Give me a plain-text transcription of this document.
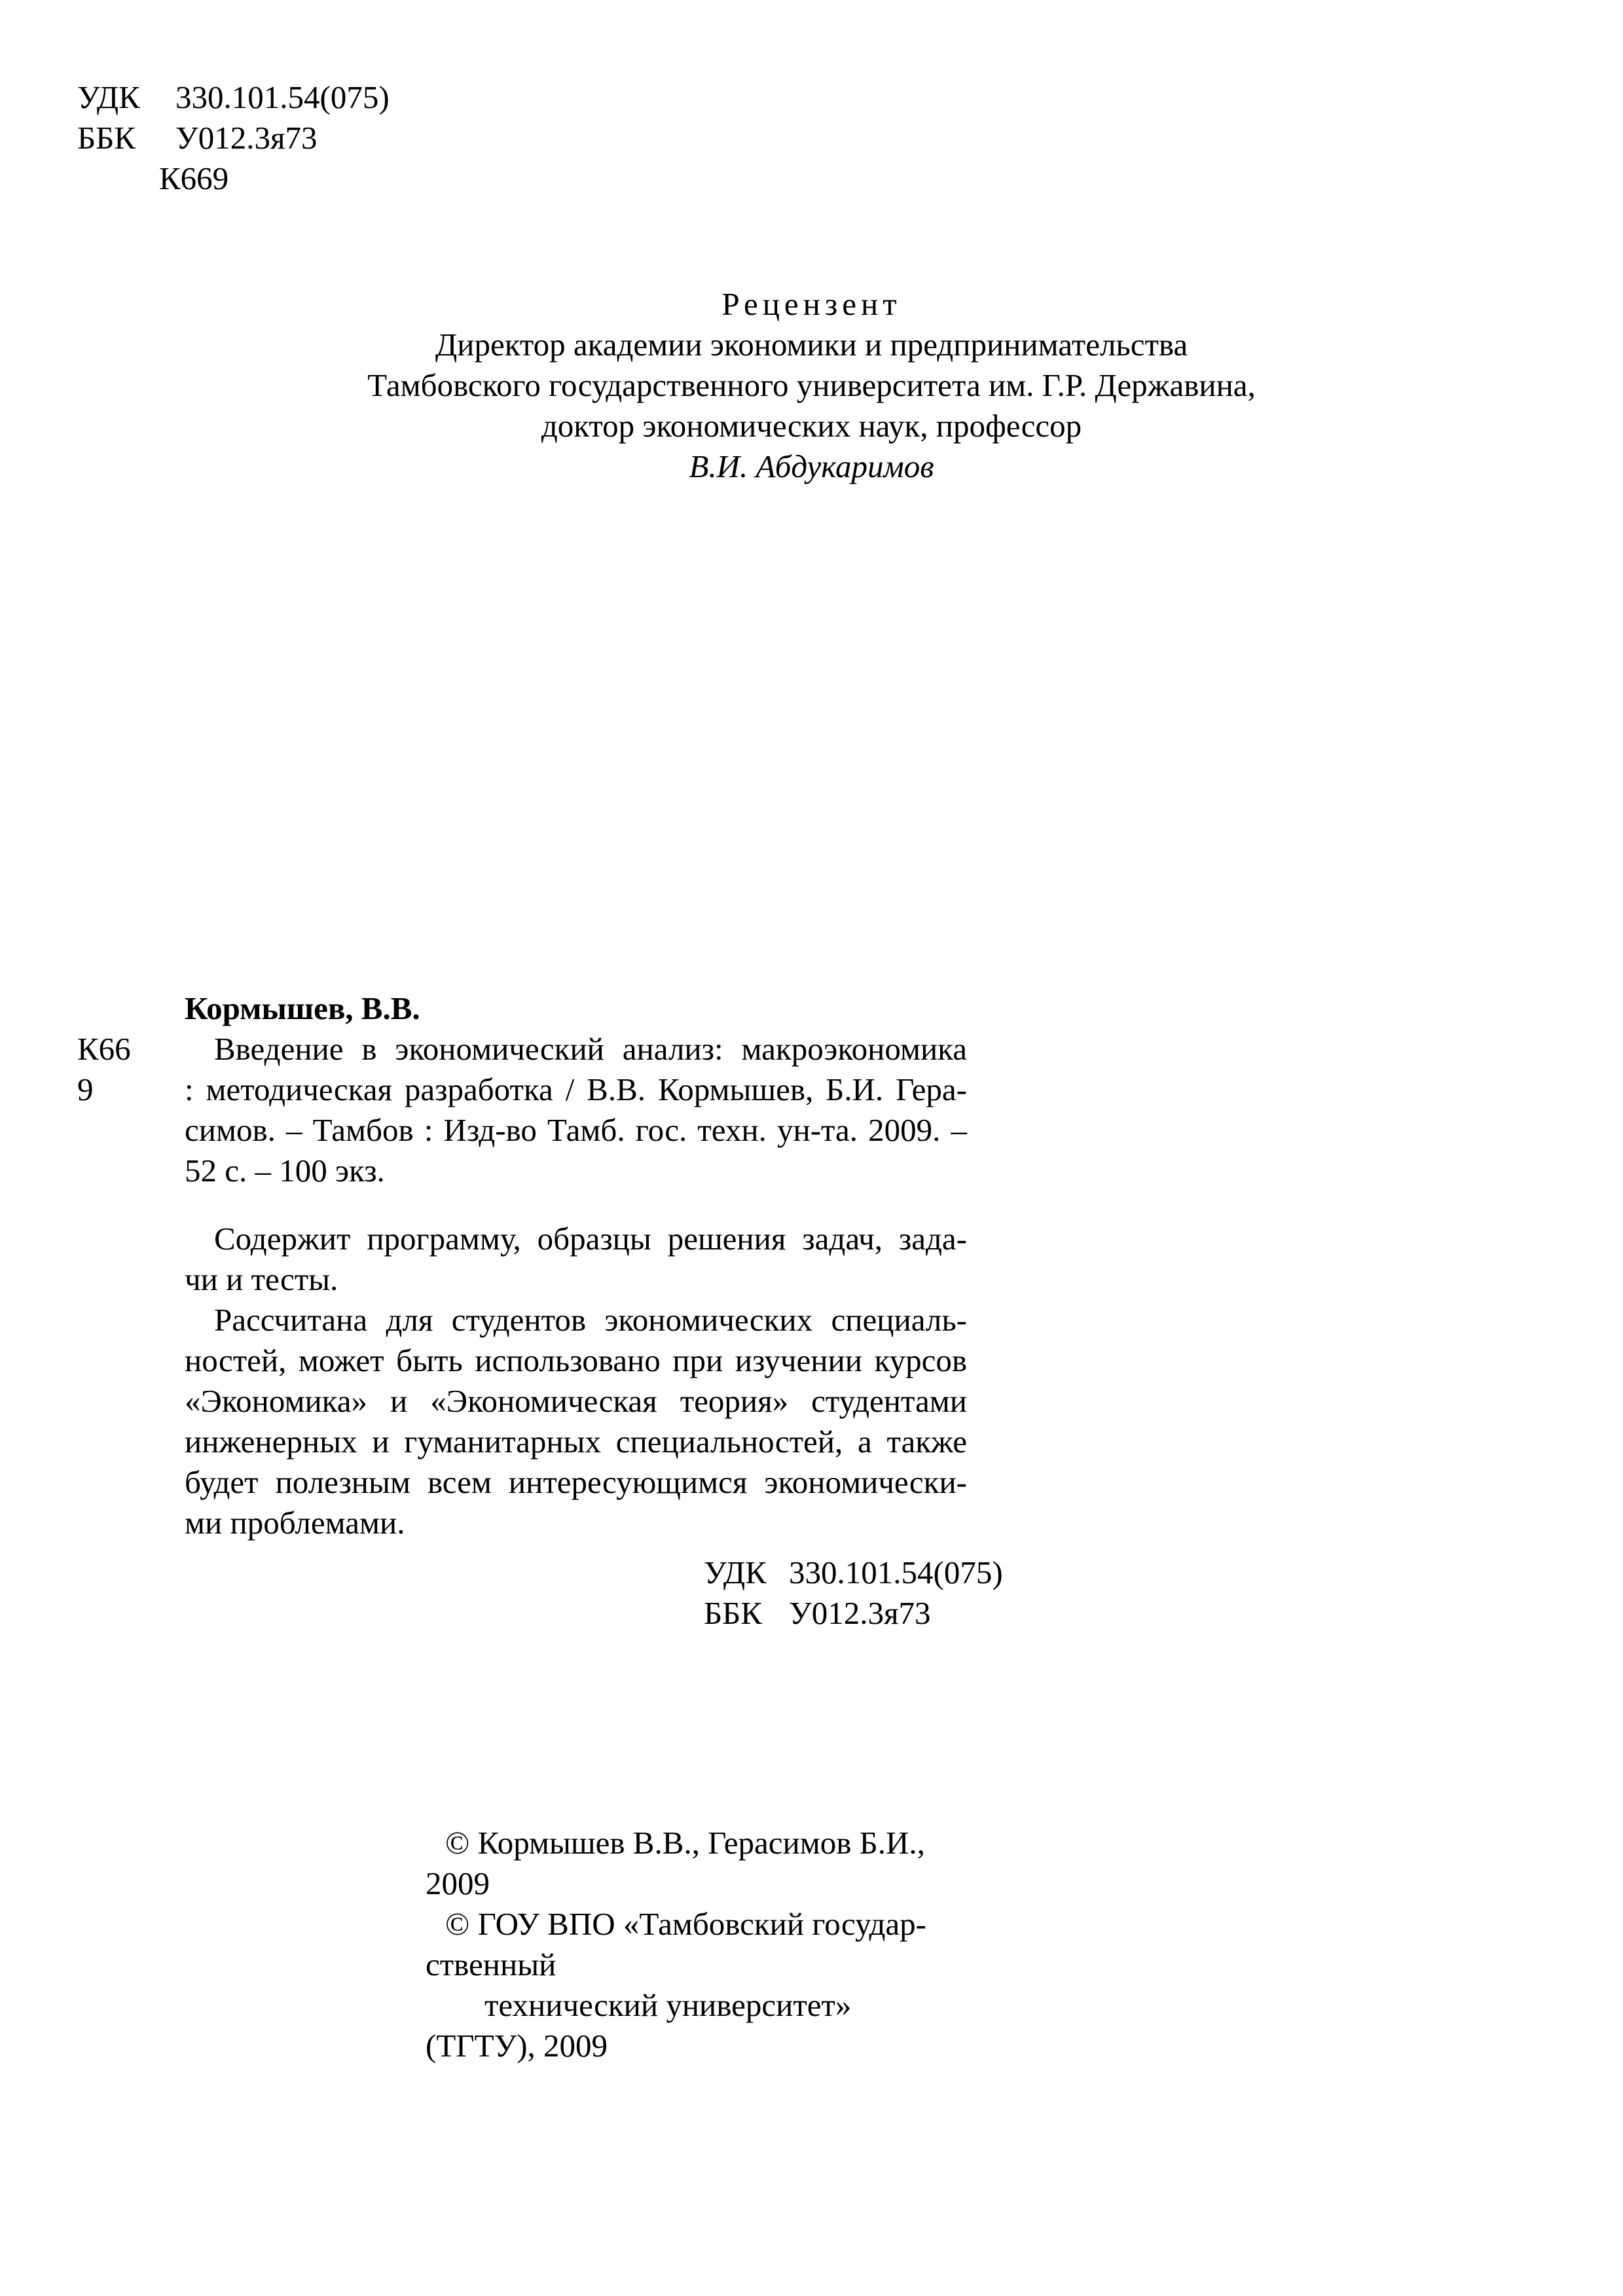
УДК	330.101.54(075)
ББК	У012.3я73
К669
Рецензент
Директор академии экономики и предпринимательства
Тамбовского государственного университета им. Г.Р. Державина,
доктор экономических наук, профессор
В.И. Абдукаримов
Кормышев, В.В.
К66
9
Введение в экономический анализ: макроэкономика
: методическая разработка / В.В. Кормышев, Б.И. Гера-
симов. – Тамбов : Изд-во Тамб. гос. техн. ун-та. 2009. –
52 с. – 100 экз.
Содержит программу, образцы решения задач, зада-
чи и тесты.
Рассчитана для студентов экономических специаль-
ностей, может быть использовано при изучении курсов
«Экономика» и «Экономическая теория» студентами
инженерных и гуманитарных специальностей, а также
будет полезным всем интересующимся экономически-
ми проблемами.
УДК 330.101.54(075)
ББК У012.3я73
© Кормышев В.В., Герасимов Б.И.,
2009
© ГОУ ВПО «Тамбовский государ-
ственный
технический университет»
(ТГТУ), 2009
